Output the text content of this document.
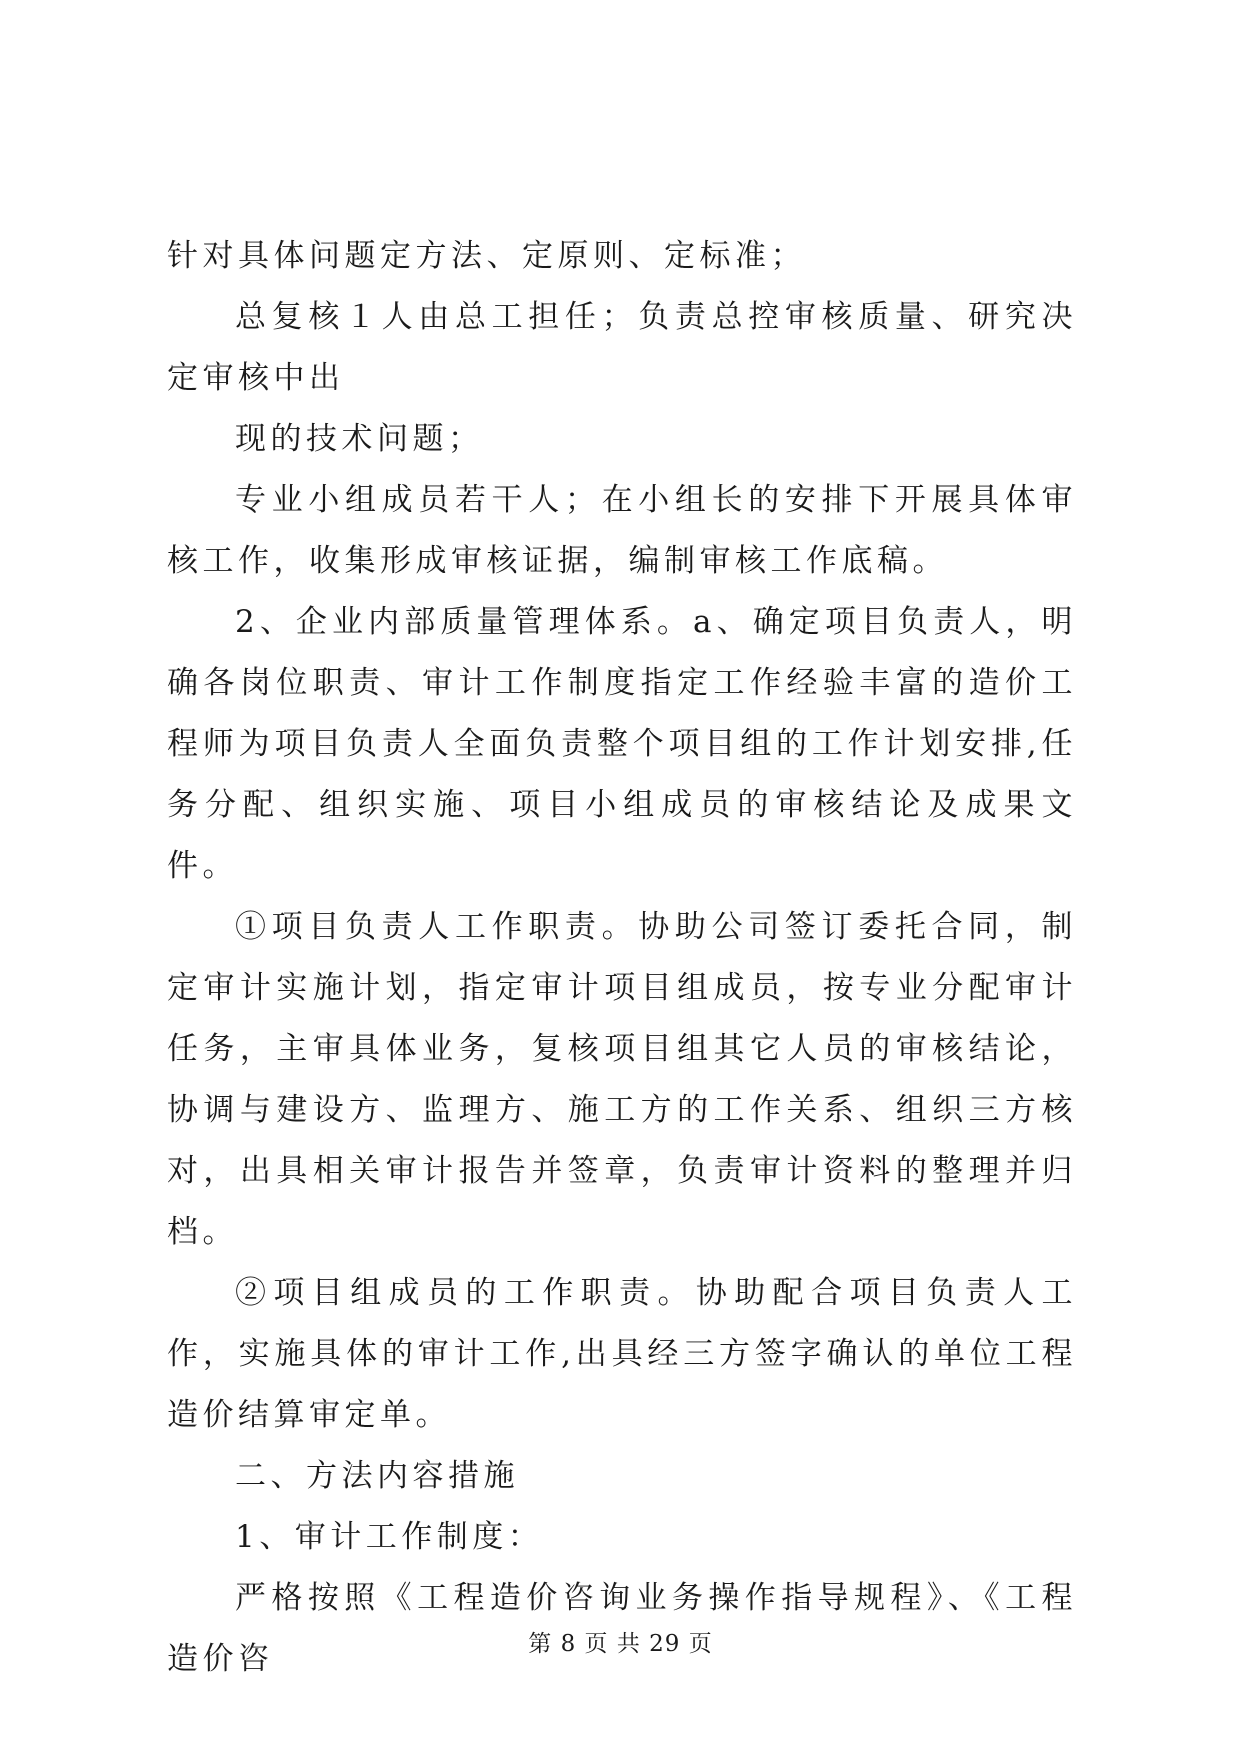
针对具体问题定方法、定原则、定标准；

总复核１人由总工担任；负责总控审核质量、研究决定审核中出

现的技术问题；

专业小组成员若干人；在小组长的安排下开展具体审核工作，收集形成审核证据，编制审核工作底稿。

2、企业内部质量管理体系。a、确定项目负责人，明确各岗位职责、审计工作制度指定工作经验丰富的造价工程师为项目负责人全面负责整个项目组的工作计划安排,任务分配、组织实施、项目小组成员的审核结论及成果文件。

①项目负责人工作职责。协助公司签订委托合同，制定审计实施计划，指定审计项目组成员，按专业分配审计任务，主审具体业务，复核项目组其它人员的审核结论，协调与建设方、监理方、施工方的工作关系、组织三方核对，出具相关审计报告并签章，负责审计资料的整理并归档。

②项目组成员的工作职责。协助配合项目负责人工作，实施具体的审计工作,出具经三方签字确认的单位工程造价结算审定单。

二、方法内容措施

1、审计工作制度：

严格按照《工程造价咨询业务操作指导规程》、《工程造价咨	第 8 页 共 29 页
